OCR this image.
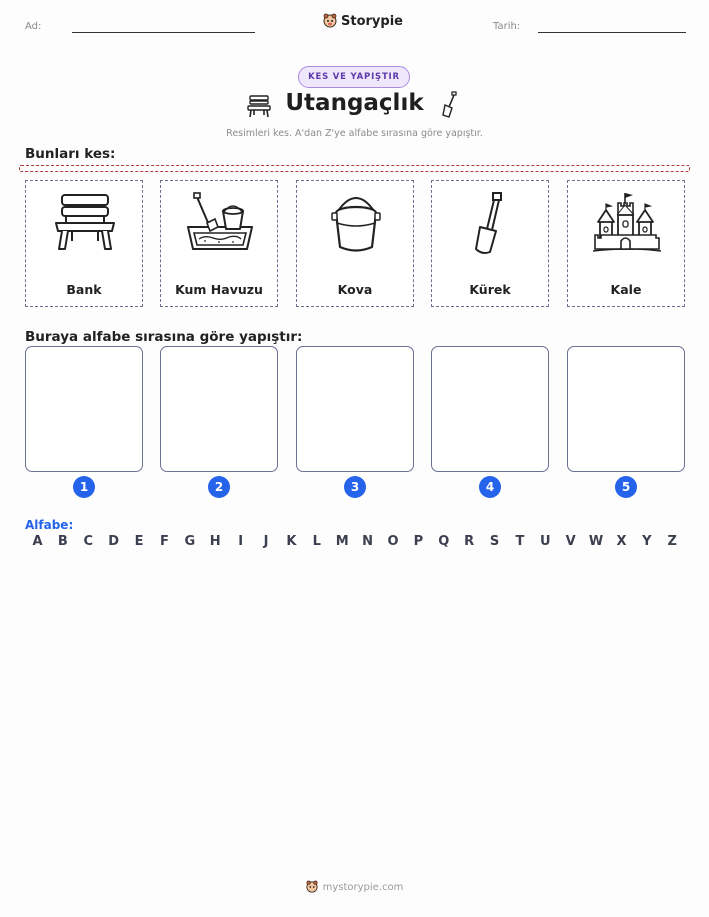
Ad:	Storypie	Tarih:
KES VE YAPIŞTIR
Utangaçlık
Resimleri kes. A'dan Z'ye alfabe sırasına göre yapıştır.
Bunları kes:
Bank	Kum Havuzu	Kova	Kürek	Kale
Buraya alfabe sırasına göre yapıştır:
1	2	3	4	5
Alfabe:
A	B	C	D	E	F	G	H	I	J	K	L	M	N	O	P	Q	R	S	T	U	V	W	X	Y	Z
mystorypie.com
